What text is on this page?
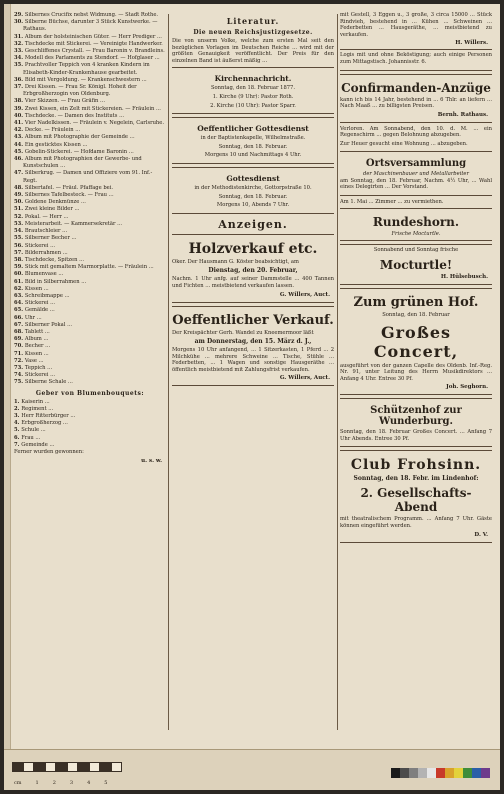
29. Silbernes Crucifix nebst Widmung. — Stadt Rothe.

30. Silberne Büchse, darunter 3 Stück Kunstwerke. — Rathaus.

31. Album der holsteinischen Güter. — Herr Prediger ...

32. Tischdecke mit Stickerei. — Vereinigte Handwerker.

33. Geschliffenes Crystall. — Frau Baronin v. Brandleins.

34. Modell des Parlaments zu Stendorf. — Hofglaser ...

35. Prachtvoller Teppich von 4 kranken Kindern im Elisabeth-Kinder-Krankenhause gearbeitet.

36. Bild mit Vergoldung. — Krankenschwestern ...

37. Drei Kissen. — Frau Sr. Königl. Hoheit der Erbgroßherzogin von Oldenburg.

38. Vier Skizzen. — Frau Gräfin ...

39. Zwei Kissen, ein Zelt mit Stickereien. — Fräulein ...

40. Tischdecke. — Damen des Instituts ...

41. Vier Nadelkissen. — Fräulein v. Negelein, Carlsruhe.

42. Decke. — Fräulein ...

43. Album mit Photographie der Gemeinde ...

44. Ein gesticktes Kissen ...

45. Gobelin-Stickerei. — Hofdame Baronin ...

46. Album mit Photographien der Gewerbe- und Kunstschulen ...

47. Silberkrug. — Damen und Offiziere vom 91. Inf.-Regt.

48. Silbertafel. — Fräul. Pfaffage bei.

49. Silbernes Tafelbesteck. — Frau ...

50. Goldene Denkmünze ...

51. Zwei kleine Bilder ...

52. Pokal. — Herr ...

53. Meisterarbeit. — Kammersekretär ...

54. Brautschleier ...

55. Silberner Becher ...

56. Stickerei ...

57. Bilderrahmen ...

58. Tischdecke, Spitzen ...

59. Stick mit gemaltem Marmorplatte. — Fräulein ...

60. Blumenvase ...

61. Bild in Silberrahmen ...

62. Kissen ...

63. Schreibmappe ...

64. Stickerei ...

65. Gemälde ...

66. Uhr ...

67. Silberner Pokal ...

68. Tablett ...

69. Album ...

70. Becher ...

71. Kissen ...

72. Vase ...

73. Teppich ...

74. Stickerei ...

75. Silberne Schale ...

Geber von Blumenbouquets:

1. Kaiserin ...

2. Regiment ...

3. Herr Ritterbürger ...

4. Erbgroßherzog ...

5. Schule ...

6. Frau ...

7. Gemeinde ...

Ferner wurden gewonnen:

u. s. w.

Literatur.
Die neuen Reichsjustizgesetze.

Die von unserm Volke, welche zum ersten Mal seit den bezüglichen Vorlagen im Deutschen Reiche ... wird mit der größten Genauigkeit veröffentlicht. Der Preis für den einzelnen Band ist äußerst mäßig ...

Kirchennachricht.

Sonntag, den 18. Februar 1877.

1. Kirche (9 Uhr): Pastor Roth.

2. Kirche (10 Uhr): Pastor Sparr.

Oeffentlicher Gottesdienst

in der Baptistenkapelle, Wilhelmstraße.

Sonntag, den 18. Februar.

Morgens 10 und Nachmittags 4 Uhr.

Gottesdienst

in der Methodistenkirche, Gottorpstraße 10.

Sonntag, den 18. Februar.

Morgens 10, Abends 7 Uhr.

Anzeigen.
Holzverkauf etc.

Oker. Der Hausmann G. Köster beabsichtigt, am

Dienstag, den 20. Februar,

Nachm. 1 Uhr anfg. auf seiner Dammstelle ... 400 Tannen und Fichten ... meistbietend verkaufen lassen.

G. Willers, Auct.

Oeffentlicher Verkauf.

Der Kreispächter Gerh. Wandel zu Kneemermoor läßt

am Donnerstag, den 15. März d. J.,

Morgens 10 Uhr anfangend, ... 1 Sitzerkasten, 1 Pferd ... 2 Milchkühe ... mehrere Schweine ... Tische, Stühle ... Federbetten, ... 1 Wagen und sonstige Hausgeräthe ... öffentlich meistbietend mit Zahlungsfrist verkaufen.

G. Willers, Auct.

mit Gestell, 3 Eggen u., 3 große, 3 circa 15000 ... Stück Rindvieh, bestehend in ... Kühen ... Schweinen ... Federbetten ... Hausgeräthe, ... meistbietend zu verkaufen.

H. Willers.

Logis mit und ohne Beköstigung; auch einige Personen zum Mittagstisch. Johannisstr. 6.

Confirmanden-Anzüge

kann ich bis 14 Jahr, bestehend in ... 6 Thlr. an liefern ... Nach Maaß ... zu billigsten Preisen.

Bernh. Rathaus.

Verloren. Am Sonnabend, den 10. d. M. ... ein Regenschirm ... gegen Belohnung abzugeben.

Zur Heuer gesucht eine Wohnung ... abzugeben.

Ortsversammlung
der Maschinenbauer und Metallarbeiter

am Sonntag, den 18. Februar, Nachm. 4½ Uhr, ... Wahl eines Delegirten ... Der Vorstand.

Am 1. Mai ... Zimmer ... zu vermiethen.

Rundeshorn.
Frische Mocturtle.

Sonnabend und Sonntag frische

Mocturtle!

H. Hülsebusch.

Zum grünen Hof.

Sonntag, den 18. Februar

Großes Concert,

ausgeführt von der ganzen Capelle des Oldenb. Inf.-Reg. Nr. 91, unter Leitung des Herrn Musikdirektors ... Anfang 4 Uhr. Entree 30 Pf.

Joh. Seghorn.

Schützenhof zur Wunderburg.

Sonntag, den 18. Februar Großes Concert. ... Anfang 7 Uhr Abends. Entree 30 Pf.

Club Frohsinn.
Sonntag, den 18. Febr. im Lindenhof:
2. Gesellschafts-Abend

mit theatralischem Programm. ... Anfang 7 Uhr. Gäste können eingeführt werden.

D. V.

cm	1	2	3	4	5
